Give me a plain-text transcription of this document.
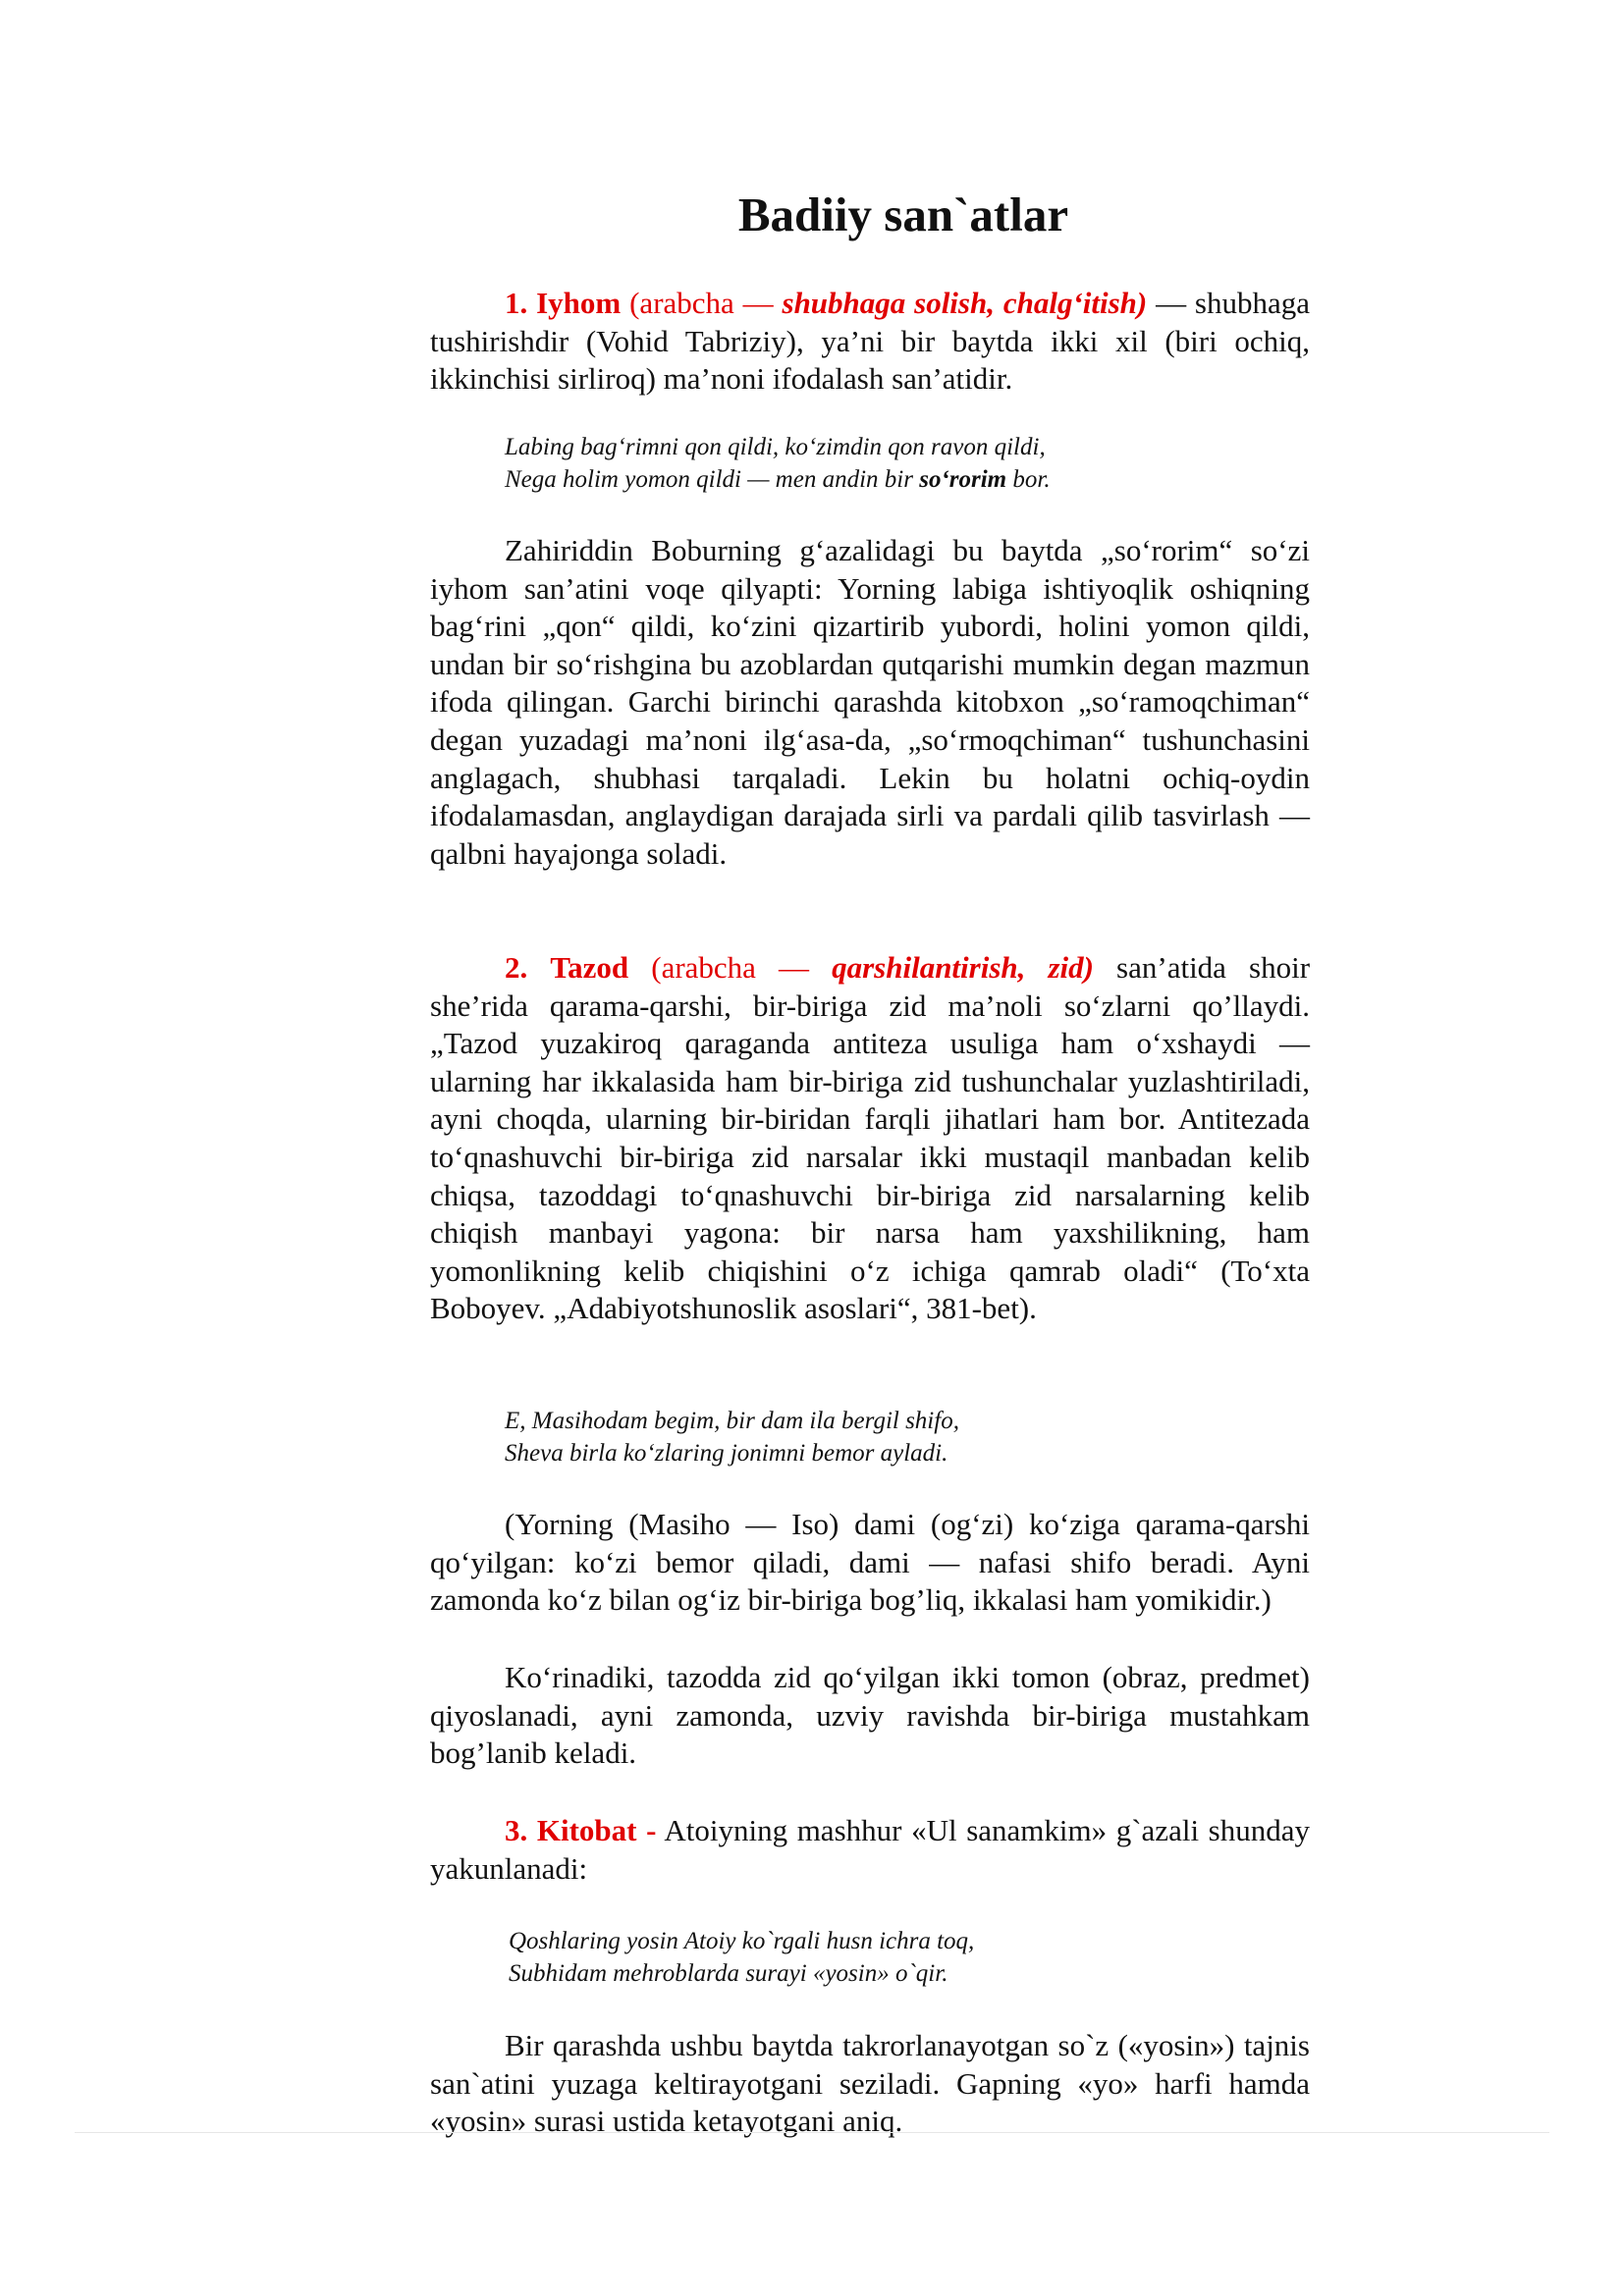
Badiiy san`atlar

1. Iyhom (arabcha — shubhaga solish, chalg‘itish) — shubhaga tushirishdir (Vohid Tabriziy), ya’ni bir baytda ikki xil (biri ochiq, ikkinchisi sirliroq) ma’noni ifodalash san’atidir.

Labing bag‘rimni qon qildi, ko‘zimdin qon ravon qildi,
Nega holim yomon qildi — men andin bir so‘rorim bor.

Zahiriddin Boburning g‘azalidagi bu baytda „so‘rorim“ so‘zi iyhom san’atini voqe qilyapti: Yorning labiga ishtiyoqlik oshiqning bag‘rini „qon“ qildi, ko‘zini qizartirib yubordi, holini yomon qildi, undan bir so‘rishgina bu azoblardan qutqarishi mumkin degan mazmun ifoda qilingan. Garchi birinchi qarashda kitobxon „so‘ramoqchiman“ degan yuzadagi ma’noni ilg‘asa-da, „so‘rmoqchiman“ tushunchasini anglagach, shubhasi tarqaladi. Lekin bu holatni ochiq-oydin ifodalamasdan, anglaydigan darajada sirli va pardali qilib tasvirlash — qalbni hayajonga soladi.

2. Tazod (arabcha — qarshilantirish, zid) san’atida shoir she’rida qarama-qarshi, bir-biriga zid ma’noli so‘zlarni qo’llaydi. „Tazod yuzakiroq qaraganda antiteza usuliga ham o‘xshaydi — ularning har ikkalasida ham bir-biriga zid tushunchalar yuzlashtiriladi, ayni choqda, ularning bir-biridan farqli jihatlari ham bor. Antitezada to‘qnashuvchi bir-biriga zid narsalar ikki mustaqil manbadan kelib chiqsa, tazoddagi to‘qnashuvchi bir-biriga zid narsalarning kelib chiqish manbayi yagona: bir narsa ham yaxshilikning, ham yomonlikning kelib chiqishini o‘z ichiga qamrab oladi“ (To‘xta Boboyev. „Adabiyotshunoslik asoslari“, 381-bet).

E, Masihodam begim, bir dam ila bergil shifo,
Sheva birla ko‘zlaring jonimni bemor ayladi.

(Yorning (Masiho — Iso) dami (og‘zi) ko‘ziga qarama-qarshi qo‘yilgan: ko‘zi bemor qiladi, dami — nafasi shifo beradi. Ayni zamonda ko‘z bilan og‘iz bir-biriga bog’liq, ikkalasi ham yomikidir.)

Ko‘rinadiki, tazodda zid qo‘yilgan ikki tomon (obraz, predmet) qiyoslanadi, ayni zamonda, uzviy ravishda bir-biriga mustahkam bog’lanib keladi.

3. Kitobat - Atoiyning mashhur «Ul sanamkim» g`azali shunday yakunlanadi:

Qoshlaring yosin Atoiy ko`rgali husn ichra toq,
Subhidam mehroblarda surayi «yosin» o`qir.

Bir qarashda ushbu baytda takrorlanayotgan so`z («yosin») tajnis san`atini yuzaga keltirayotgani seziladi. Gapning «yo» harfi hamda «yosin» surasi ustida ketayotgani aniq.
